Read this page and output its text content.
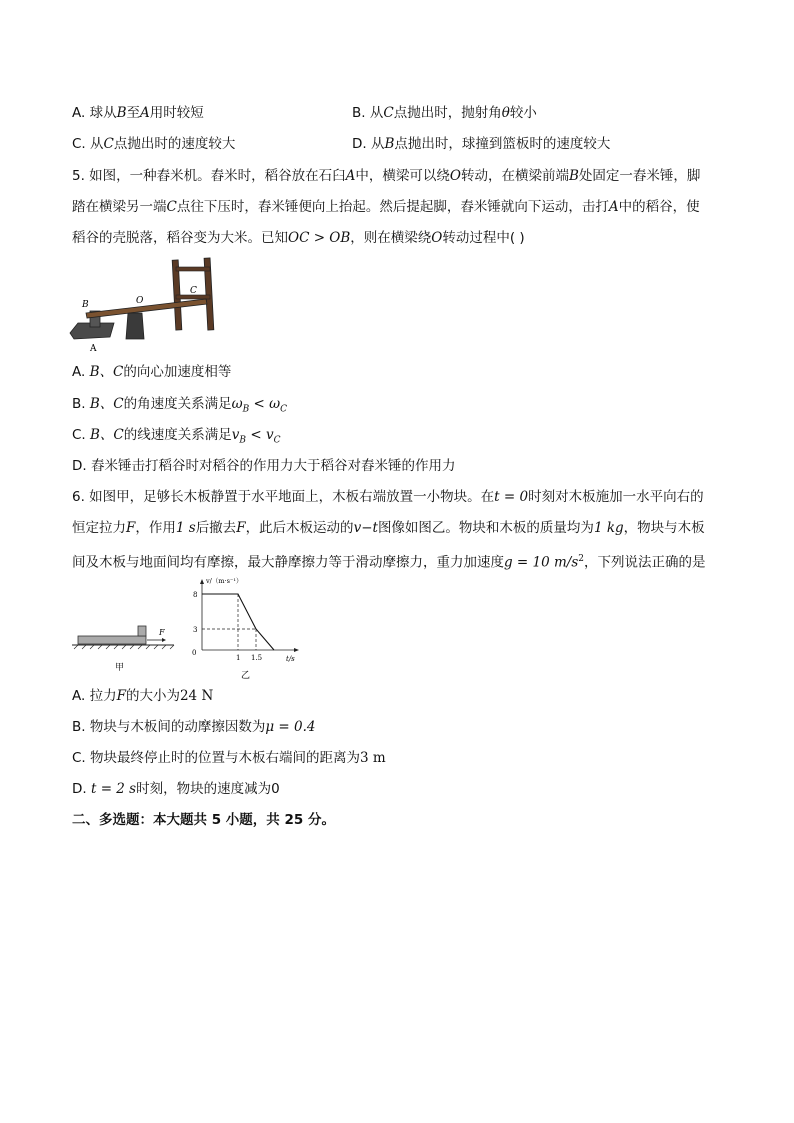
A. 球从B至A用时较短	B. 从C点抛出时，抛射角θ较小
C. 从C点抛出时的速度较大	D. 从B点抛出时，球撞到篮板时的速度较大
5. 如图，一种舂米机。舂米时，稻谷放在石臼A中，横梁可以绕O转动，在横梁前端B处固定一舂米锤，脚
踏在横梁另一端C点往下压时，舂米锤便向上抬起。然后提起脚，舂米锤就向下运动，击打A中的稻谷，使
稻谷的壳脱落，稻谷变为大米。已知OC > OB，则在横梁绕O转动过程中( )
B	O
C
A
A. B、C的向心加速度相等
B. B、C的角速度关系满足$\omega_B < \omega_C$
C. B、C的线速度关系满足$v_B < v_C$
D. 舂米锤击打稻谷时对稻谷的作用力大于稻谷对舂米锤的作用力
6. 如图甲，足够长木板静置于水平地面上，木板右端放置一小物块。在t = 0时刻对木板施加一水平向右的
恒定拉力F，作用1 s后撤去F，此后木板运动的v−t图像如图乙。物块和木板的质量均为1 kg，物块与木板
间及木板与地面间均有摩擦，最大静摩擦力等于滑动摩擦力，重力加速度g = 10 $m/s^2$，下列说法正确的是
F
甲
v/（m·s⁻¹）
0
8
3
1 1.5	t/s
乙
A. 拉力F的大小为24 N
B. 物块与木板间的动摩擦因数为μ = 0.4
C. 物块最终停止时的位置与木板右端间的距离为3 m
D. t = 2 s时刻，物块的速度减为0
二、多选题：本大题共 5 小题，共 25 分。
